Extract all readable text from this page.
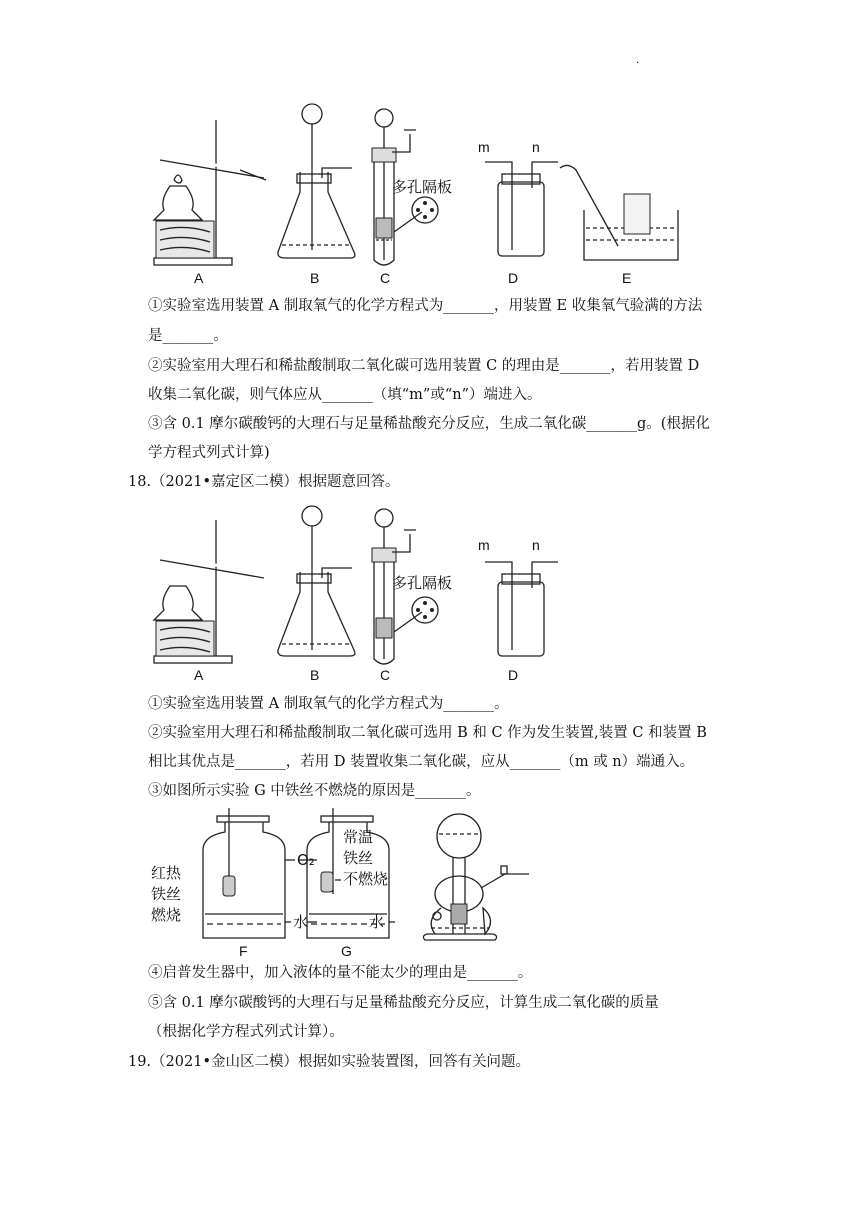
·
A	B
多孔隔板
C
m	n
D	E
①实验室选用装置 A 制取氧气的化学方程式为_______，用装置 E 收集氧气验满的方法
是_______。
②实验室用大理石和稀盐酸制取二氧化碳可选用装置 C 的理由是_______，若用装置 D
收集二氧化碳，则气体应从_______（填“m”或“n”）端进入。
③含 0.1 摩尔碳酸钙的大理石与足量稀盐酸充分反应，生成二氧化碳_______g。(根据化
学方程式列式计算)
18.（2021•嘉定区二模）根据题意回答。
A	B
多孔隔板
C
m	n
D
①实验室选用装置 A 制取氧气的化学方程式为_______。
②实验室用大理石和稀盐酸制取二氧化碳可选用 B 和 C 作为发生装置,装置 C 和装置 B
相比其优点是_______，若用 D 装置收集二氧化碳，应从_______（m 或 n）端通入。
③如图所示实验 G 中铁丝不燃烧的原因是_______。
红热
铁丝
燃烧
F
O₂
水
常温
铁丝
不燃烧
水
G
④启普发生器中，加入液体的量不能太少的理由是_______。
⑤含 0.1 摩尔碳酸钙的大理石与足量稀盐酸充分反应，计算生成二氧化碳的质量
（根据化学方程式列式计算）。
19.（2021•金山区二模）根据如实验装置图，回答有关问题。
